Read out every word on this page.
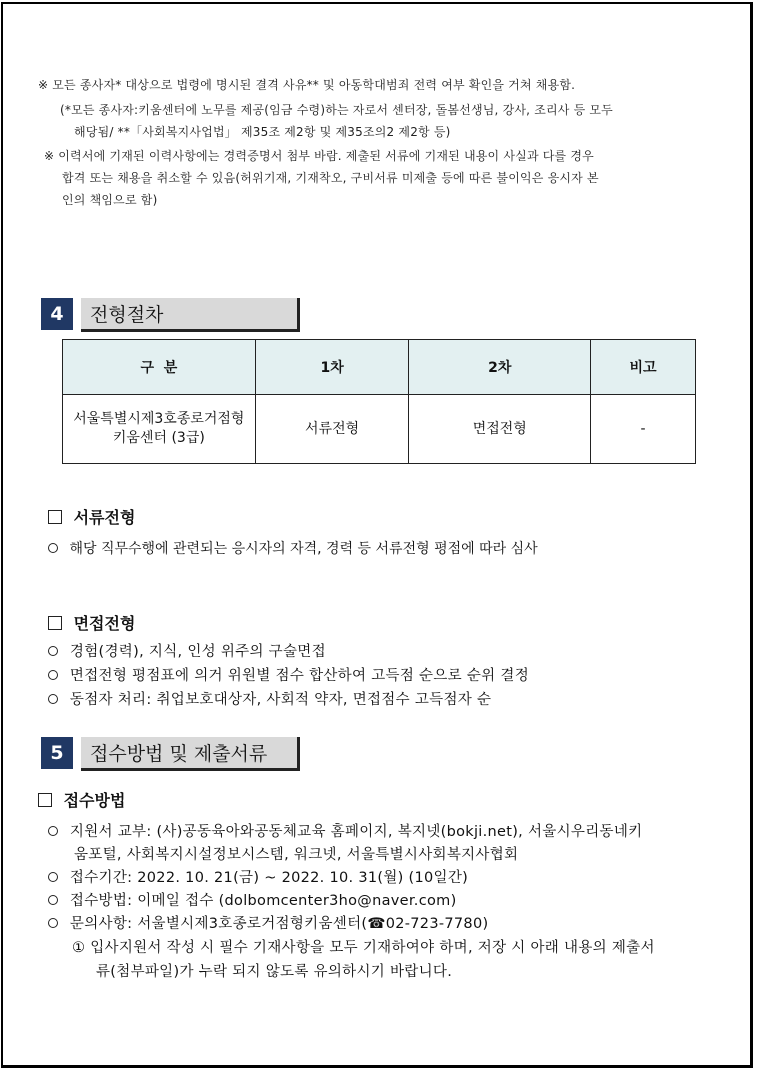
※ 모든 종사자* 대상으로 법령에 명시된 결격 사유** 및 아동학대범죄 전력 여부 확인을 거쳐 채용함.
(*모든 종사자:키움센터에 노무를 제공(임금 수령)하는 자로서 센터장, 돌봄선생님, 강사, 조리사 등 모두
해당됨/ **「사회복지사업법」 제35조 제2항 및 제35조의2 제2항 등)
※ 이력서에 기재된 이력사항에는 경력증명서 첨부 바람. 제출된 서류에 기재된 내용이 사실과 다를 경우
합격 또는 채용을 취소할 수 있음(허위기재, 기재착오, 구비서류 미제출 등에 따른 불이익은 응시자 본
인의 책임으로 함)
4	전형절차
구  분	1차	2차	비고

서울특별시제3호종로거점형
키움센터 (3급)	서류전형	면접전형	-
서류전형
해당 직무수행에 관련되는 응시자의 자격, 경력 등 서류전형 평점에 따라 심사
면접전형
경험(경력), 지식, 인성 위주의 구술면접
면접전형 평점표에 의거 위원별 점수 합산하여 고득점 순으로 순위 결정
동점자 처리: 취업보호대상자, 사회적 약자, 면접점수 고득점자 순
5	접수방법 및 제출서류
접수방법
지원서 교부: (사)공동육아와공동체교육 홈페이지, 복지넷(bokji.net), 서울시우리동네키
움포털, 사회복지시설정보시스템, 워크넷, 서울특별시사회복지사협회
접수기간: 2022. 10. 21(금) ~ 2022. 10. 31(월) (10일간)
접수방법: 이메일 접수 (dolbomcenter3ho@naver.com)
문의사항: 서울별시제3호종로거점형키움센터(☎02-723-7780)
① 입사지원서 작성 시 필수 기재사항을 모두 기재하여야 하며, 저장 시 아래 내용의 제출서
류(첨부파일)가 누락 되지 않도록 유의하시기 바랍니다.
